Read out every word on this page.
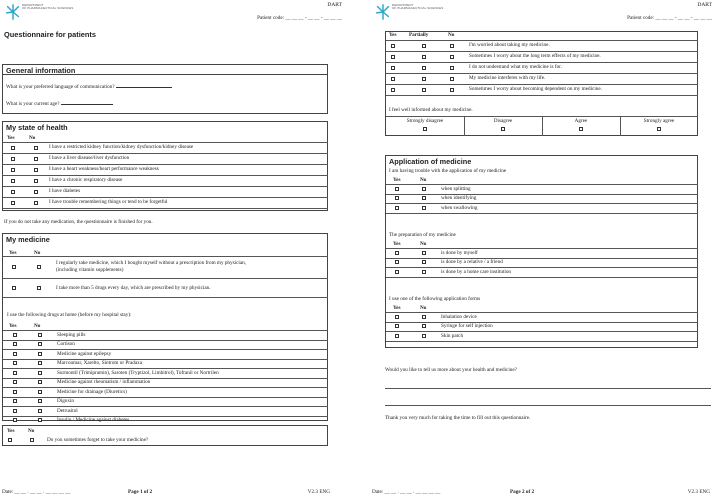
DEPARTMENT
OF PHARMACEUTICAL SCIENCES
DART
Patient code: __ __ __ - __ __ - __ __ __
Questionnaire for patients
General information
What is your preferred language of communication?
What is your current age?
My state of health
Yes	No
I have a restricted kidney function/kidney dysfunction/kidney disease
I have a liver disease/liver dysfunction
I have a heart weakness/heart performance weakness
I have a chronic respiratory disease
I have diabetes
I have trouble remembering things or tend to be forgetful
If you do not take any medication, the questionnaire is finished for you.
My medicine
Yes	No
I regularly take medicine, which I bought myself without a prescription from my physician,
(including vitamin supplements)
I take more than 5 drugs every day, which are prescribed by my physician.
I use the following drugs at home (before my hospital stay):
Yes	No
Sleeping pills
Cortison
Medicine against epilepsy
Marcoumar, Xarelto, Sintrom or Pradaxa
Surmontil (Trimipramin), Saroten (Tryptizol, Limbitrol), Tofranil or Nortrilen
Medicine against rheumatism / inflammation
Medicine for drainage (Diuretics)
Digoxin
Detrusitol
Insulin / Medicine against diabetes
Yes	No
Do you sometimes forget to take your medicine?
Date: __ __ . __ __ . __ __ __ __	Page 1 of 2	V2.3 ENG
DEPARTMENT
OF PHARMACEUTICAL SCIENCES
DART
Patient code: __ __ __ - __ __ - __ __ __
Yes Partially	No
I'm worried about taking my medicine.
Sometimes I worry about the long term effects of my medicine.
I do not understand what my medicine is for.
My medicine interferes with my life.
Sometimes I worry about becoming dependent on my medicine.
I feel well informed about my medicine.
Strongly disagree	Disagree	Agree	Strongly agree
Application of medicine
I am having trouble with the application of my medicine
Yes	No
when splitting
when identifying
when swallowing
The preparation of my medicine
Yes	No
is done by myself
is done by a relative / a friend
is done by a home care institution
I use one of the following application forms
Yes	No
Inhalation device
Syringe for self injection
Skin patch
Would you like to tell us more about your health and medicine?
Thank you very much for taking the time to fill out this questionnaire.
Date: __ __ . __ __ . __ __ __ __	Page 2 of 2	V2.3 ENG
